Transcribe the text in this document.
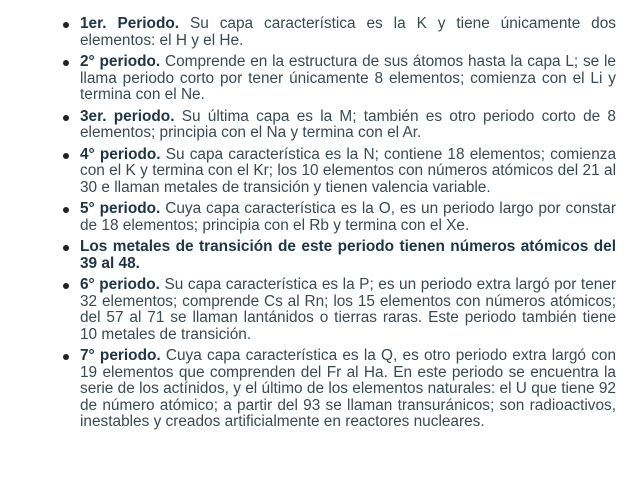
1er. Periodo. Su capa característica es la K y tiene únicamente dos elementos: el H y el He.
2° periodo. Comprende en la estructura de sus átomos hasta la capa L; se le llama periodo corto por tener únicamente 8 elementos; comienza con el Li y termina con el Ne.
3er. periodo. Su última capa es la M; también es otro periodo corto de 8 elementos; principia con el Na y termina con el Ar.
4° periodo. Su capa característica es la N; contiene 18 elementos; comienza con el K y termina con el Kr; los 10 elementos con números atómicos del 21 al 30 e llaman metales de transición y tienen valencia variable.
5° periodo. Cuya capa característica es la O, es un periodo largo por constar de 18 elementos; principia con el Rb y termina con el Xe.
Los metales de transición de este periodo tienen números atómicos del 39 al 48.
6° periodo. Su capa característica es la P; es un periodo extra largó por tener 32 elementos; comprende Cs al Rn; los 15 elementos con números atómicos; del 57 al 71 se llaman lantánidos o tierras raras. Este periodo también tiene 10 metales de transición.
7° periodo. Cuya capa característica es la Q, es otro periodo extra largó con 19 elementos que comprenden del Fr al Ha. En este periodo se encuentra la serie de los actínidos, y el último de los elementos naturales: el U que tiene 92 de número atómico; a partir del 93 se llaman transuránicos; son radioactivos, inestables y creados artificialmente en reactores nucleares.
